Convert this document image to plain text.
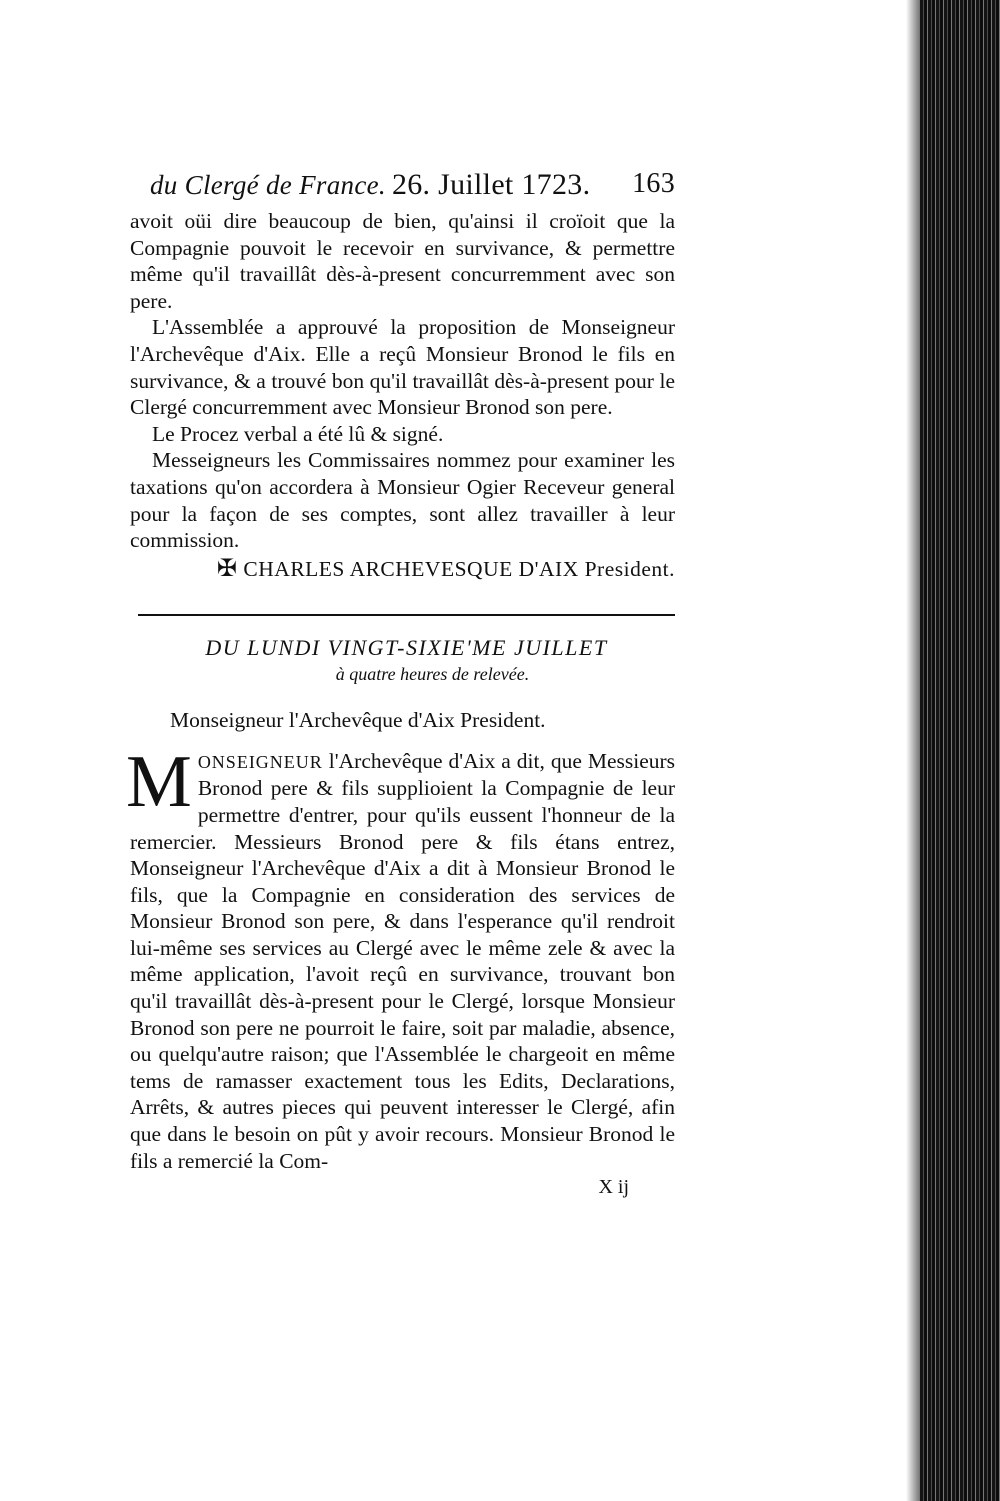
du Clergé de France. 26. Juillet 1723. 163

avoit oüi dire beaucoup de bien, qu'ainsi il croïoit que la Compagnie pouvoit le recevoir en survivance, & permettre même qu'il travaillât dès-à-present concurremment avec son pere.

L'Assemblée a approuvé la proposition de Monseigneur l'Archevêque d'Aix. Elle a reçû Monsieur Bronod le fils en survivance, & a trouvé bon qu'il travaillât dès-à-present pour le Clergé concurremment avec Monsieur Bronod son pere.

Le Procez verbal a été lû & signé.

Messeigneurs les Commissaires nommez pour examiner les taxations qu'on accordera à Monsieur Ogier Receveur general pour la façon de ses comptes, sont allez travailler à leur commission.

✠ CHARLES ARCHEVESQUE D'AIX President.
DU LUNDI VINGT-SIXIE'ME JUILLET
à quatre heures de relevée.
Monseigneur l'Archevêque d'Aix President.

MONSEIGNEUR l'Archevêque d'Aix a dit, que Messieurs Bronod pere & fils supplioient la Compagnie de leur permettre d'entrer, pour qu'ils eussent l'honneur de la remercier. Messieurs Bronod pere & fils étans entrez, Monseigneur l'Archevêque d'Aix a dit à Monsieur Bronod le fils, que la Compagnie en consideration des services de Monsieur Bronod son pere, & dans l'esperance qu'il rendroit lui-même ses services au Clergé avec le même zele & avec la même application, l'avoit reçû en survivance, trouvant bon qu'il travaillât dès-à-present pour le Clergé, lorsque Monsieur Bronod son pere ne pourroit le faire, soit par maladie, absence, ou quelqu'autre raison; que l'Assemblée le chargeoit en même tems de ramasser exactement tous les Edits, Declarations, Arrêts, & autres pieces qui peuvent interesser le Clergé, afin que dans le besoin on pût y avoir recours. Monsieur Bronod le fils a remercié la Com-

X ij
